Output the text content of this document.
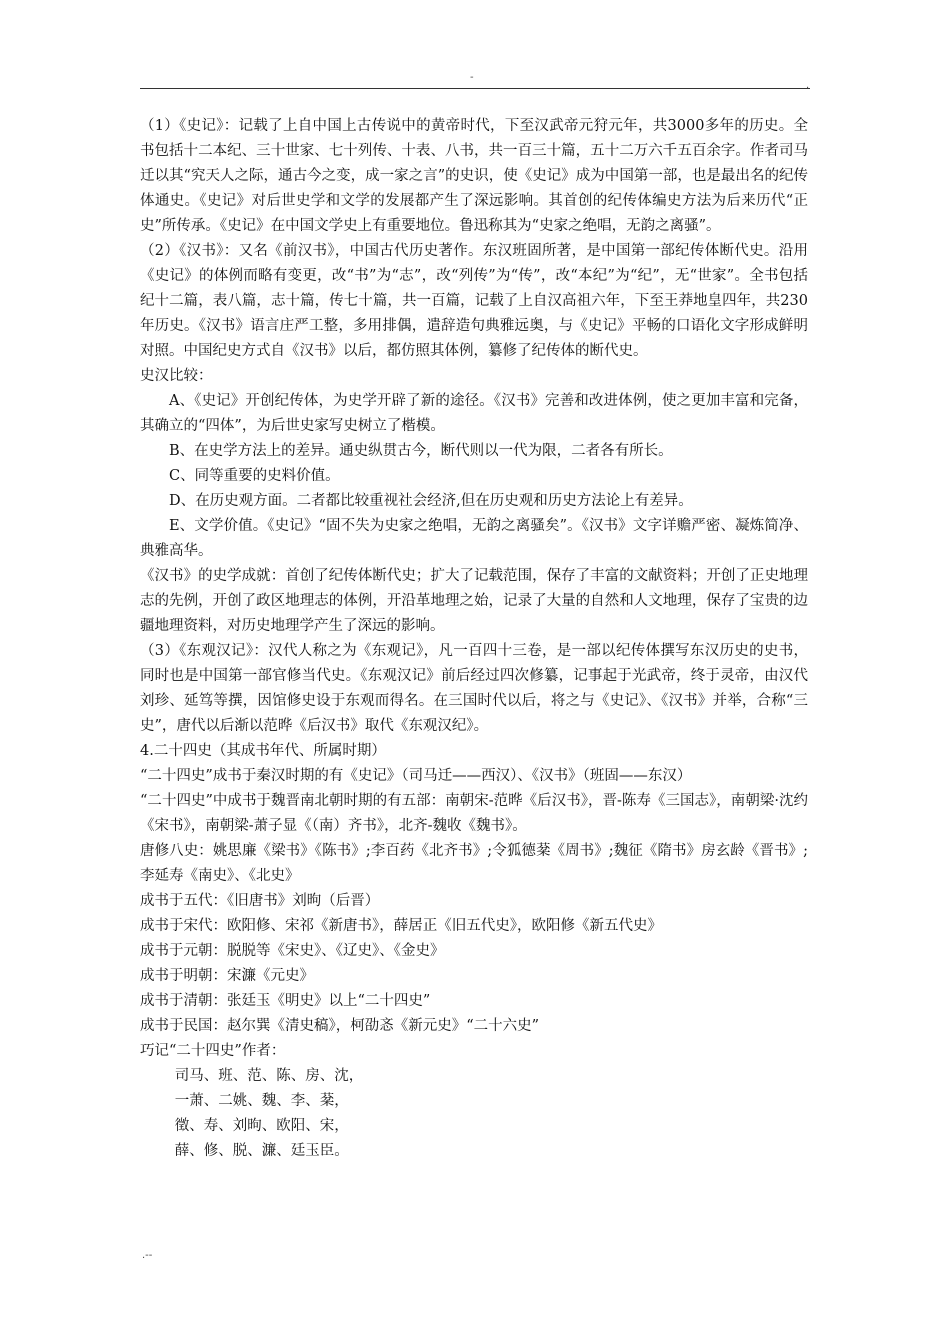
-
.

（1）《史记》：记载了上自中国上古传说中的黄帝时代，下至汉武帝元狩元年，共3000多年的历史。全书包括十二本纪、三十世家、七十列传、十表、八书，共一百三十篇，五十二万六千五百余字。作者司马迁以其“究天人之际，通古今之变，成一家之言”的史识，使《史记》成为中国第一部，也是最出名的纪传体通史。《史记》对后世史学和文学的发展都产生了深远影响。其首创的纪传体编史方法为后来历代“正史”所传承。《史记》在中国文学史上有重要地位。鲁迅称其为“史家之绝唱，无韵之离骚”。

（2）《汉书》：又名《前汉书》，中国古代历史著作。东汉班固所著，是中国第一部纪传体断代史。沿用《史记》的体例而略有变更，改“书”为“志”，改“列传”为“传”，改“本纪”为“纪”，无“世家”。全书包括纪十二篇，表八篇，志十篇，传七十篇，共一百篇，记载了上自汉高祖六年，下至王莽地皇四年，共230年历史。《汉书》语言庄严工整，多用排偶，遣辞造句典雅远奥，与《史记》平畅的口语化文字形成鲜明对照。中国纪史方式自《汉书》以后，都仿照其体例，纂修了纪传体的断代史。

史汉比较：

A、《史记》开创纪传体，为史学开辟了新的途径。《汉书》完善和改进体例，使之更加丰富和完备，其确立的“四体”，为后世史家写史树立了楷模。

B、在史学方法上的差异。通史纵贯古今，断代则以一代为限，二者各有所长。

C、同等重要的史料价值。

D、在历史观方面。二者都比较重视社会经济,但在历史观和历史方法论上有差异。

E、文学价值。《史记》“固不失为史家之绝唱，无韵之离骚矣”。《汉书》文字详赡严密、凝炼简净、典雅高华。

《汉书》的史学成就：首创了纪传体断代史；扩大了记载范围，保存了丰富的文献资料；开创了正史地理志的先例，开创了政区地理志的体例，开沿革地理之始，记录了大量的自然和人文地理，保存了宝贵的边疆地理资料，对历史地理学产生了深远的影响。

（3）《东观汉记》：汉代人称之为《东观记》，凡一百四十三卷，是一部以纪传体撰写东汉历史的史书，同时也是中国第一部官修当代史。《东观汉记》前后经过四次修纂，记事起于光武帝，终于灵帝，由汉代刘珍、延笃等撰，因馆修史设于东观而得名。在三国时代以后，将之与《史记》、《汉书》并举，合称“三史”，唐代以后渐以范晔《后汉书》取代《东观汉纪》。

4.二十四史（其成书年代、所属时期）

“二十四史”成书于秦汉时期的有《史记》（司马迁——西汉）、《汉书》（班固——东汉）

“二十四史”中成书于魏晋南北朝时期的有五部：南朝宋-范晔《后汉书》，晋-陈寿《三国志》，南朝梁·沈约《宋书》，南朝梁-萧子显《（南）齐书》，北齐-魏收《魏书》。

唐修八史：姚思廉《梁书》《陈书》;李百药《北齐书》;令狐德棻《周书》;魏征《隋书》房玄龄《晋书》;李延寿《南史》、《北史》

成书于五代：《旧唐书》刘昫（后晋）

成书于宋代：欧阳修、宋祁《新唐书》，薛居正《旧五代史》，欧阳修《新五代史》

成书于元朝：脱脱等《宋史》、《辽史》、《金史》

成书于明朝：宋濂《元史》

成书于清朝：张廷玉《明史》以上“二十四史”

成书于民国：赵尔巽《清史稿》，柯劭忞《新元史》“二十六史”

巧记“二十四史”作者：

司马、班、范、陈、房、沈，

一萧、二姚、魏、李、棻，

徵、寿、刘昫、欧阳、宋，

薛、修、脱、濂、廷玉臣。

.--
